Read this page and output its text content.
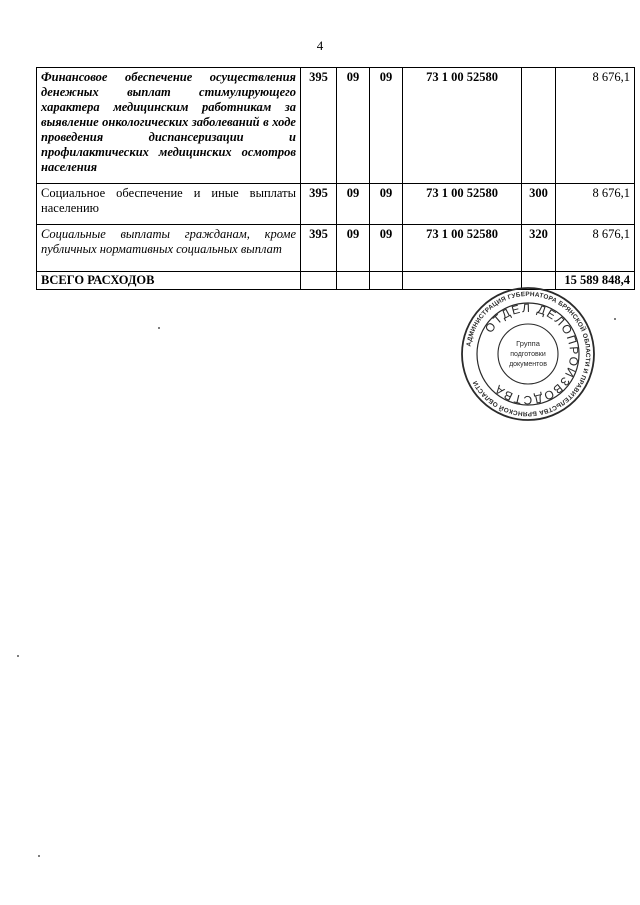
4
Финансовое обеспечение осуществления денежных выплат стимулирующего характера медицинским работникам за выявление онкологических заболеваний в ходе проведения диспансеризации и профилактических медицинских осмотров населения	395	09	09	73 1 00 52580		8 676,1
Социальное обеспечение и иные выплаты населению	395	09	09	73 1 00 52580	300	8 676,1
Социальные выплаты гражданам, кроме публичных нормативных социальных выплат	395	09	09	73 1 00 52580	320	8 676,1
ВСЕГО РАСХОДОВ						15 589 848,4
АДМИНИСТРАЦИЯ ГУБЕРНАТОРА БРЯНСКОЙ ОБЛАСТИ И ПРАВИТЕЛЬСТВА БРЯНСКОЙ ОБЛАСТИ
ОТДЕЛ ДЕЛОПРОИЗВОДСТВА
Группа
подготовки
документов
